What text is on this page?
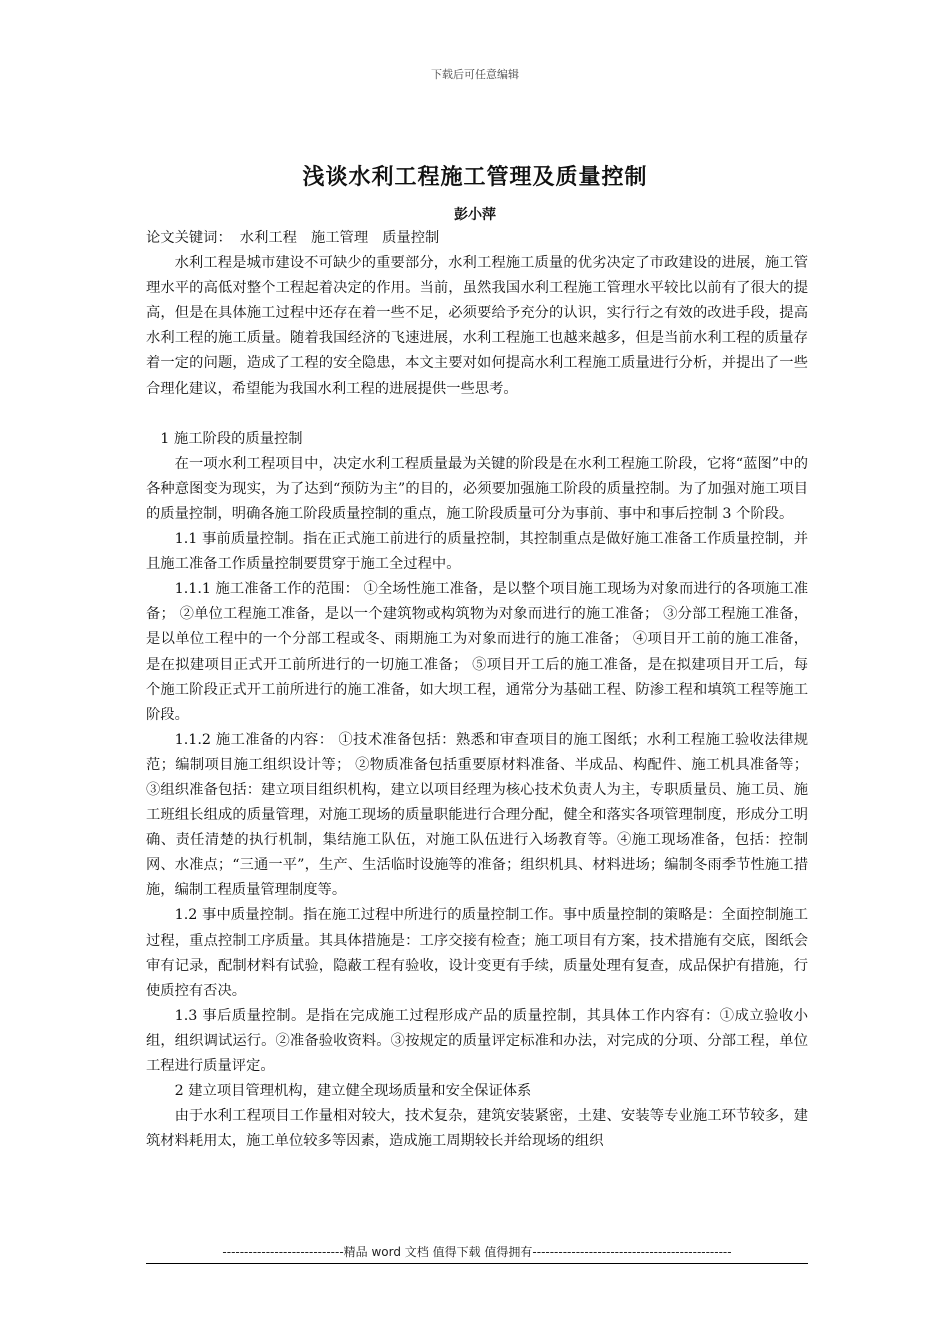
下载后可任意编辑
浅谈水利工程施工管理及质量控制
彭小萍

论文关键词： 水利工程 施工管理 质量控制

水利工程是城市建设不可缺少的重要部分，水利工程施工质量的优劣决定了市政建设的进展，施工管理水平的高低对整个工程起着决定的作用。当前，虽然我国水利工程施工管理水平较比以前有了很大的提高，但是在具体施工过程中还存在着一些不足，必须要给予充分的认识，实行行之有效的改进手段，提高水利工程的施工质量。随着我国经济的飞速进展，水利工程施工也越来越多，但是当前水利工程的质量存着一定的问题，造成了工程的安全隐患，本文主要对如何提高水利工程施工质量进行分析，并提出了一些合理化建议，希望能为我国水利工程的进展提供一些思考。

1 施工阶段的质量控制

在一项水利工程项目中，决定水利工程质量最为关键的阶段是在水利工程施工阶段，它将“蓝图”中的各种意图变为现实，为了达到“预防为主”的目的，必须要加强施工阶段的质量控制。为了加强对施工项目的质量控制，明确各施工阶段质量控制的重点，施工阶段质量可分为事前、事中和事后控制 3 个阶段。

1.1 事前质量控制。指在正式施工前进行的质量控制，其控制重点是做好施工准备工作质量控制，并且施工准备工作质量控制要贯穿于施工全过程中。

1.1.1 施工准备工作的范围： ①全场性施工准备，是以整个项目施工现场为对象而进行的各项施工准备； ②单位工程施工准备，是以一个建筑物或构筑物为对象而进行的施工准备； ③分部工程施工准备，是以单位工程中的一个分部工程或冬、雨期施工为对象而进行的施工准备； ④项目开工前的施工准备，是在拟建项目正式开工前所进行的一切施工准备； ⑤项目开工后的施工准备，是在拟建项目开工后，每个施工阶段正式开工前所进行的施工准备，如大坝工程，通常分为基础工程、防渗工程和填筑工程等施工阶段。

1.1.2 施工准备的内容： ①技术准备包括：熟悉和审查项目的施工图纸；水利工程施工验收法律规范；编制项目施工组织设计等； ②物质准备包括重要原材料准备、半成品、构配件、施工机具准备等； ③组织准备包括：建立项目组织机构，建立以项目经理为核心技术负责人为主，专职质量员、施工员、施工班组长组成的质量管理，对施工现场的质量职能进行合理分配，健全和落实各项管理制度，形成分工明确、责任清楚的执行机制，集结施工队伍，对施工队伍进行入场教育等。④施工现场准备，包括：控制网、水准点；“三通一平”，生产、生活临时设施等的准备；组织机具、材料进场；编制冬雨季节性施工措施，编制工程质量管理制度等。

1.2 事中质量控制。指在施工过程中所进行的质量控制工作。事中质量控制的策略是：全面控制施工过程，重点控制工序质量。其具体措施是：工序交接有检查；施工项目有方案，技术措施有交底，图纸会审有记录，配制材料有试验，隐蔽工程有验收，设计变更有手续，质量处理有复查，成品保护有措施，行使质控有否决。

1.3 事后质量控制。是指在完成施工过程形成产品的质量控制，其具体工作内容有：①成立验收小组，组织调试运行。②准备验收资料。③按规定的质量评定标准和办法，对完成的分项、分部工程，单位工程进行质量评定。

2 建立项目管理机构，建立健全现场质量和安全保证体系

由于水利工程项目工作量相对较大，技术复杂，建筑安装紧密，土建、安装等专业施工环节较多，建筑材料耗用太，施工单位较多等因素，造成施工周期较长并给现场的组织

----------------------------精品 word 文档 值得下载 值得拥有----------------------------------------------
